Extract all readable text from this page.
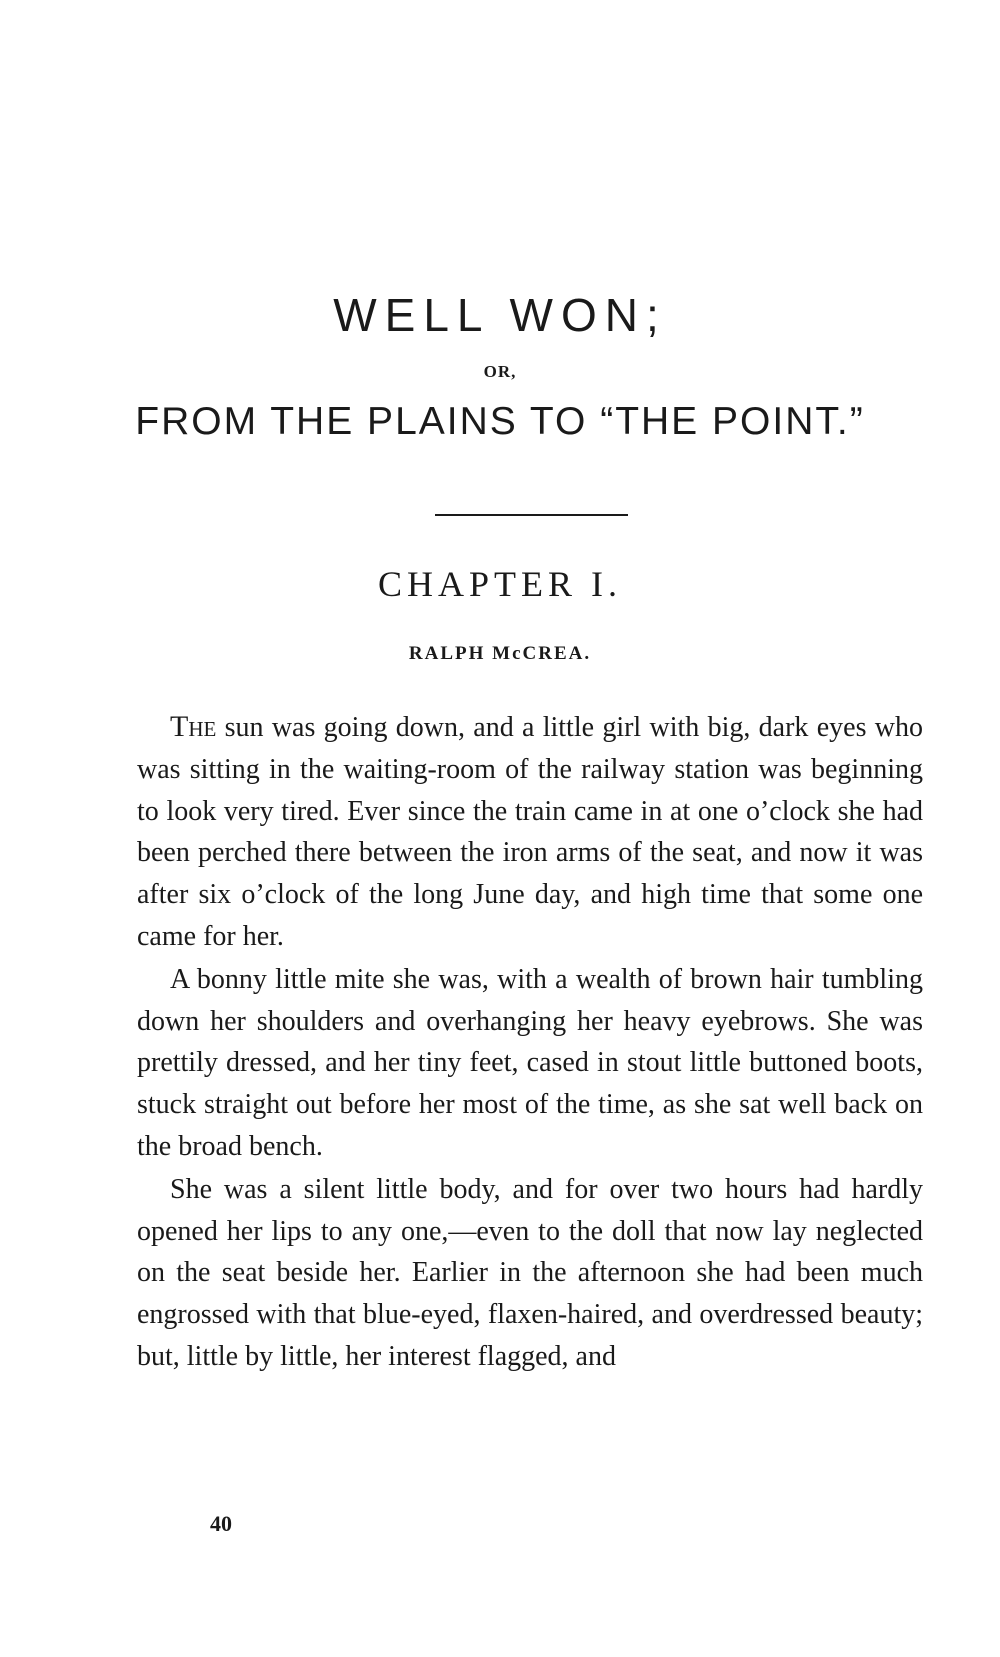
WELL WON;
OR,
FROM THE PLAINS TO “THE POINT.”
CHAPTER I.
RALPH McCREA.

The sun was going down, and a little girl with big, dark eyes who was sitting in the waiting-room of the railway station was beginning to look very tired. Ever since the train came in at one o’clock she had been perched there between the iron arms of the seat, and now it was after six o’clock of the long June day, and high time that some one came for her.

A bonny little mite she was, with a wealth of brown hair tumbling down her shoulders and overhanging her heavy eyebrows. She was prettily dressed, and her tiny feet, cased in stout little buttoned boots, stuck straight out before her most of the time, as she sat well back on the broad bench.

She was a silent little body, and for over two hours had hardly opened her lips to any one,—even to the doll that now lay neglected on the seat beside her. Earlier in the afternoon she had been much engrossed with that blue-eyed, flaxen-haired, and overdressed beauty; but, little by little, her interest flagged, and

40
